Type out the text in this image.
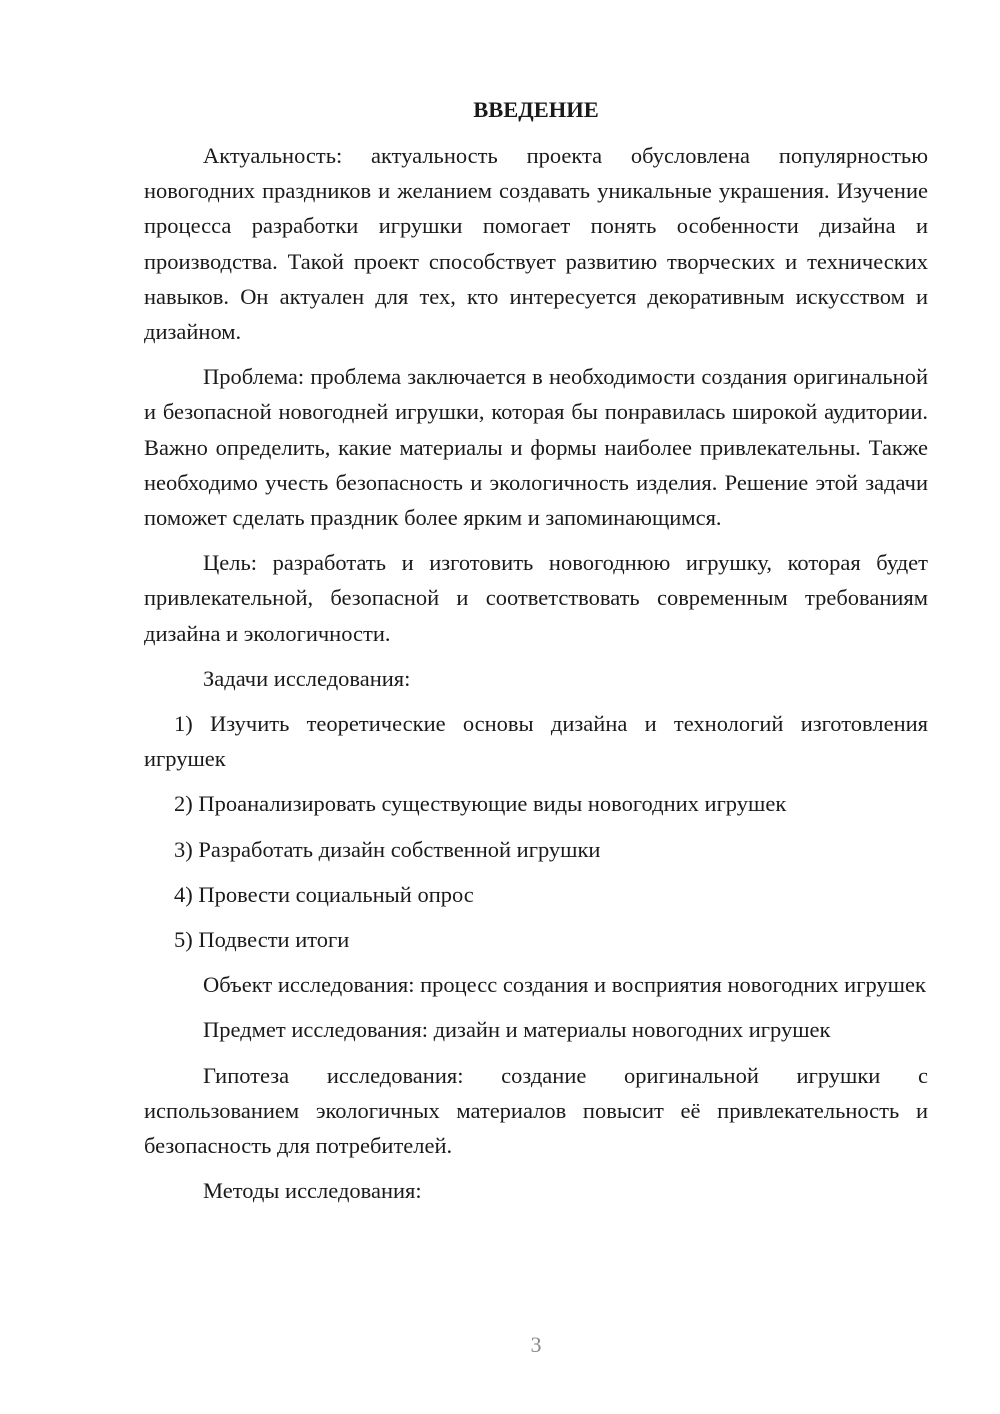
ВВЕДЕНИЕ

Актуальность: актуальность проекта обусловлена популярностью новогодних праздников и желанием создавать уникальные украшения. Изучение процесса разработки игрушки помогает понять особенности дизайна и производства. Такой проект способствует развитию творческих и технических навыков. Он актуален для тех, кто интересуется декоративным искусством и дизайном.

Проблема: проблема заключается в необходимости создания оригинальной и безопасной новогодней игрушки, которая бы понравилась широкой аудитории. Важно определить, какие материалы и формы наиболее привлекательны. Также необходимо учесть безопасность и экологичность изделия. Решение этой задачи поможет сделать праздник более ярким и запоминающимся.

Цель: разработать и изготовить новогоднюю игрушку, которая будет привлекательной, безопасной и соответствовать современным требованиям дизайна и экологичности.

Задачи исследования:

1) Изучить теоретические основы дизайна и технологий изготовления игрушек

2) Проанализировать существующие виды новогодних игрушек

3) Разработать дизайн собственной игрушки

4) Провести социальный опрос

5) Подвести итоги

Объект исследования: процесс создания и восприятия новогодних игрушек

Предмет исследования: дизайн и материалы новогодних игрушек

Гипотеза исследования: создание оригинальной игрушки с использованием экологичных материалов повысит её привлекательность и безопасность для потребителей.

Методы исследования:

3
